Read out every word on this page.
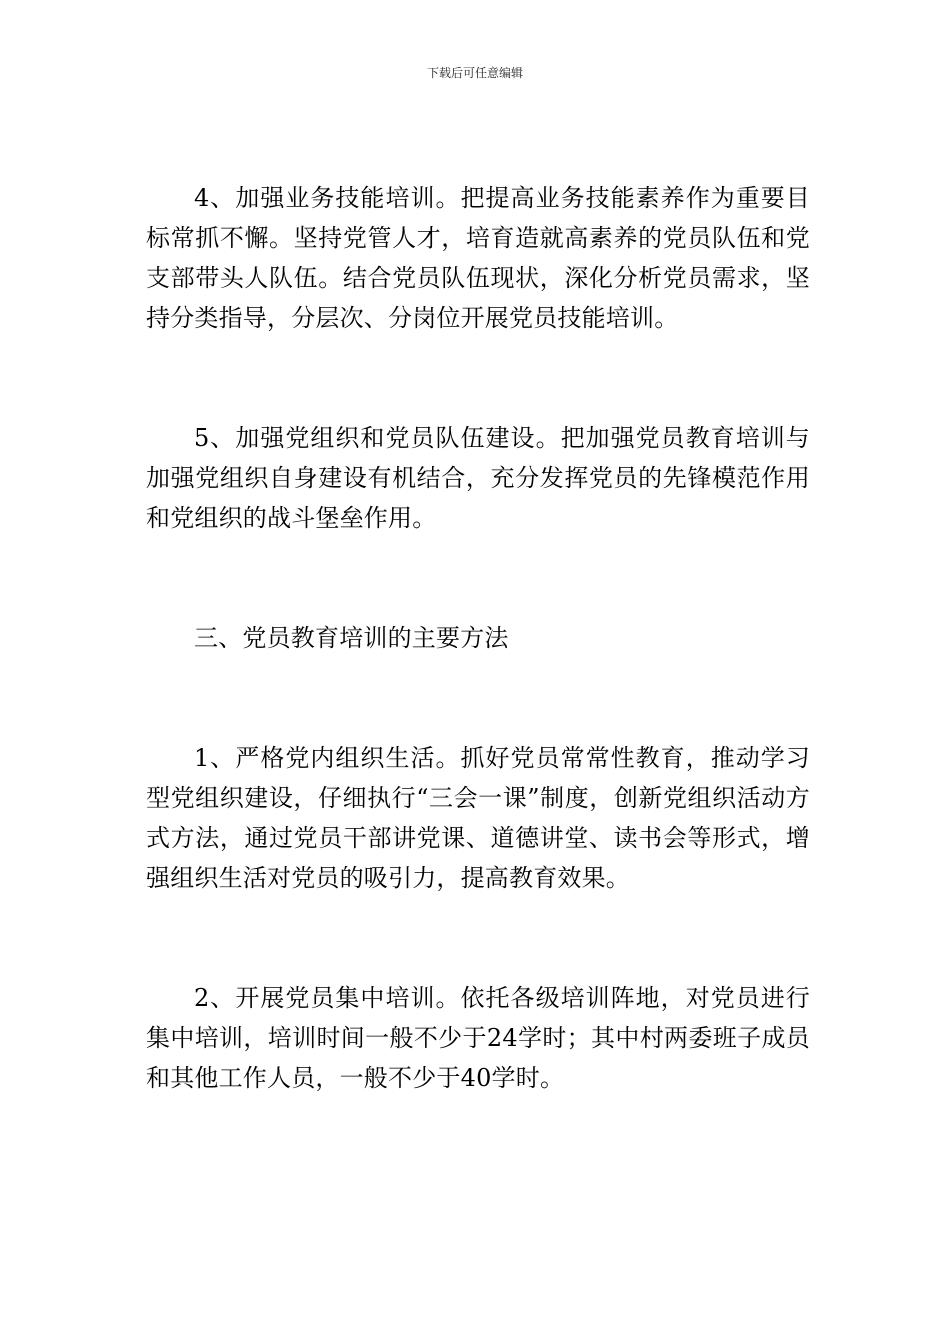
下载后可任意编辑

4、加强业务技能培训。把提高业务技能素养作为重要目标常抓不懈。坚持党管人才，培育造就高素养的党员队伍和党支部带头人队伍。结合党员队伍现状，深化分析党员需求，坚持分类指导，分层次、分岗位开展党员技能培训。

5、加强党组织和党员队伍建设。把加强党员教育培训与加强党组织自身建设有机结合，充分发挥党员的先锋模范作用和党组织的战斗堡垒作用。

三、党员教育培训的主要方法

1、严格党内组织生活。抓好党员常常性教育，推动学习型党组织建设，仔细执行“三会一课”制度，创新党组织活动方式方法，通过党员干部讲党课、道德讲堂、读书会等形式，增强组织生活对党员的吸引力，提高教育效果。

2、开展党员集中培训。依托各级培训阵地，对党员进行集中培训，培训时间一般不少于24学时；其中村两委班子成员和其他工作人员，一般不少于40学时。
